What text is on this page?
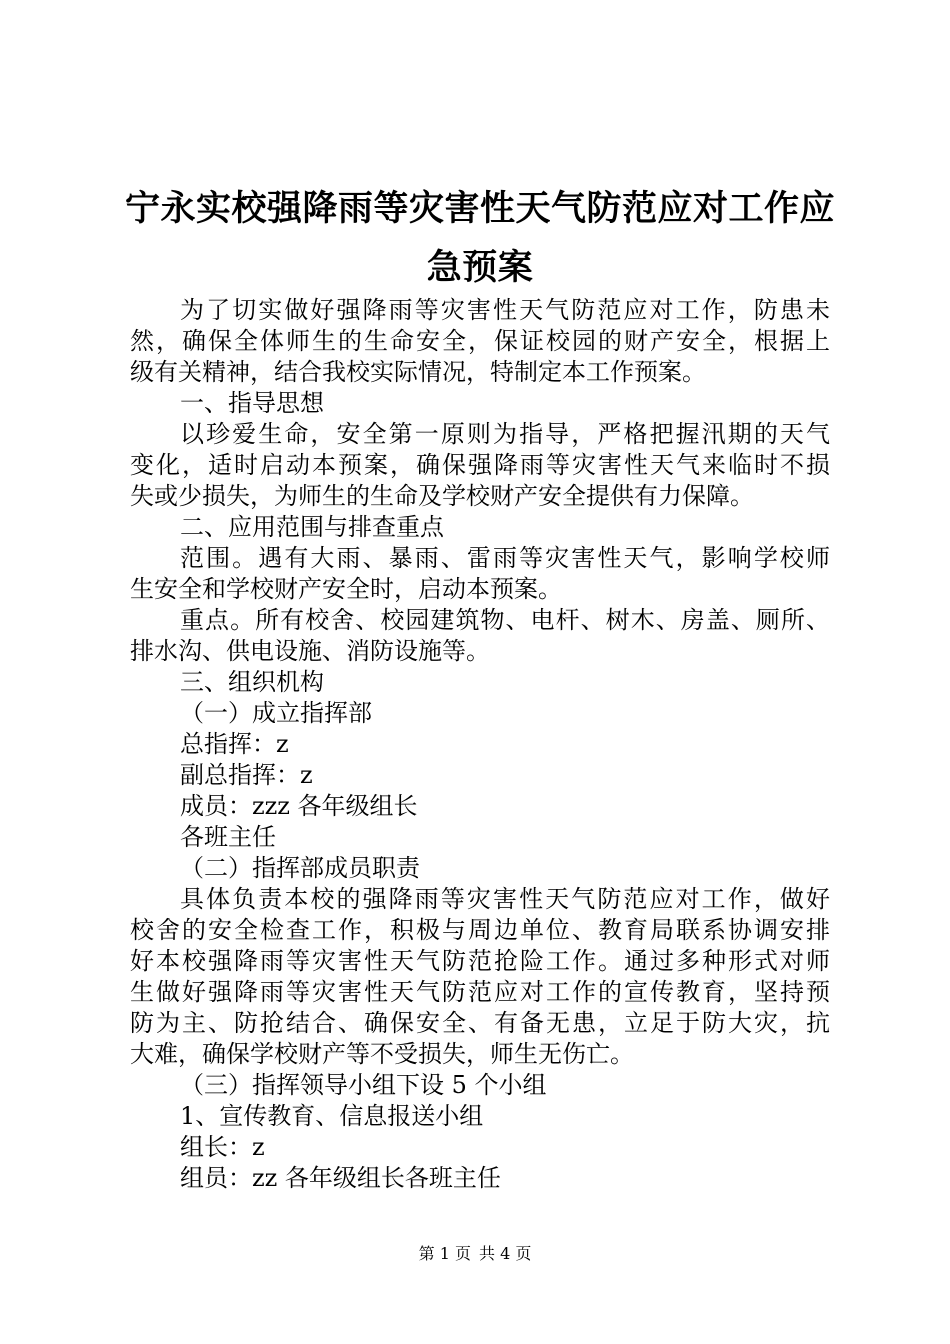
宁永实校强降雨等灾害性天气防范应对工作应
急预案
为了切实做好强降雨等灾害性天气防范应对工作，防患未
然，确保全体师生的生命安全，保证校园的财产安全，根据上
级有关精神，结合我校实际情况，特制定本工作预案。
一、指导思想
以珍爱生命，安全第一原则为指导，严格把握汛期的天气
变化，适时启动本预案，确保强降雨等灾害性天气来临时不损
失或少损失，为师生的生命及学校财产安全提供有力保障。
二、应用范围与排查重点
范围。遇有大雨、暴雨、雷雨等灾害性天气，影响学校师
生安全和学校财产安全时，启动本预案。
重点。所有校舍、校园建筑物、电杆、树木、房盖、厕所、
排水沟、供电设施、消防设施等。
三、组织机构
（一）成立指挥部
总指挥：z
副总指挥：z
成员：zzz 各年级组长
各班主任
（二）指挥部成员职责
具体负责本校的强降雨等灾害性天气防范应对工作，做好
校舍的安全检查工作，积极与周边单位、教育局联系协调安排
好本校强降雨等灾害性天气防范抢险工作。通过多种形式对师
生做好强降雨等灾害性天气防范应对工作的宣传教育，坚持预
防为主、防抢结合、确保安全、有备无患，立足于防大灾，抗
大难，确保学校财产等不受损失，师生无伤亡。
（三）指挥领导小组下设 5 个小组
1、宣传教育、信息报送小组
组长：z
组员：zz 各年级组长各班主任
第 1 页 共 4 页
